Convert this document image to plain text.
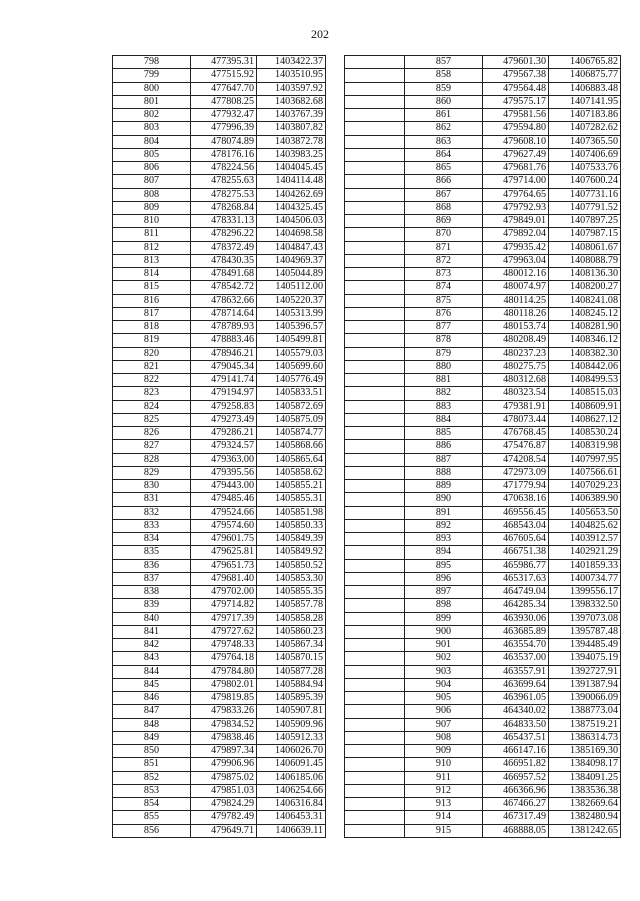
202
798	477395.31	1403422.37
799	477515.92	1403510.95
800	477647.70	1403597.92
801	477808.25	1403682.68
802	477932.47	1403767.39
803	477996.39	1403807.82
804	478074.89	1403872.78
805	478176.16	1403983.25
806	478224.56	1404045.45
807	478255.63	1404114.48
808	478275.53	1404262.69
809	478268.84	1404325.45
810	478331.13	1404506.03
811	478296.22	1404698.58
812	478372.49	1404847.43
813	478430.35	1404969.37
814	478491.68	1405044.89
815	478542.72	1405112.00
816	478632.66	1405220.37
817	478714.64	1405313.99
818	478789.93	1405396.57
819	478883.46	1405499.81
820	478946.21	1405579.03
821	479045.34	1405699.60
822	479141.74	1405776.49
823	479194.97	1405833.51
824	479258.83	1405872.69
825	479273.49	1405875.09
826	479286.21	1405874.77
827	479324.57	1405868.66
828	479363.00	1405865.64
829	479395.56	1405858.62
830	479443.00	1405855.21
831	479485.46	1405855.31
832	479524.66	1405851.98
833	479574.60	1405850.33
834	479601.75	1405849.39
835	479625.81	1405849.92
836	479651.73	1405850.52
837	479681.40	1405853.30
838	479702.00	1405855.35
839	479714.82	1405857.78
840	479717.39	1405858.28
841	479727.62	1405860.23
842	479748.33	1405867.34
843	479764.18	1405870.15
844	479784.80	1405877.28
845	479802.01	1405884.94
846	479819.85	1405895.39
847	479833.26	1405907.81
848	479834.52	1405909.96
849	479838.46	1405912.33
850	479897.34	1406026.70
851	479906.96	1406091.45
852	479875.02	1406185.06
853	479851.03	1406254.66
854	479824.29	1406316.84
855	479782.49	1406453.31
856	479649.71	1406639.11
	857	479601.30	1406765.82
	858	479567.38	1406875.77
	859	479564.48	1406883.48
	860	479575.17	1407141.95
	861	479581.56	1407183.86
	862	479594.80	1407282.62
	863	479608.10	1407365.50
	864	479627.49	1407406.69
	865	479681.76	1407533.76
	866	479714.00	1407600.24
	867	479764.65	1407731.16
	868	479792.93	1407791.52
	869	479849.01	1407897.25
	870	479892.04	1407987.15
	871	479935.42	1408061.67
	872	479963.04	1408088.79
	873	480012.16	1408136.30
	874	480074.97	1408200.27
	875	480114.25	1408241.08
	876	480118.26	1408245.12
	877	480153.74	1408281.90
	878	480208.49	1408346.12
	879	480237.23	1408382.30
	880	480275.75	1408442.06
	881	480312.68	1408499.53
	882	480323.54	1408515.03
	883	479381.91	1408609.91
	884	478073.44	1408627.12
	885	476768.45	1408530.24
	886	475476.87	1408319.98
	887	474208.54	1407997.95
	888	472973.09	1407566.61
	889	471779.94	1407029.23
	890	470638.16	1406389.90
	891	469556.45	1405653.50
	892	468543.04	1404825.62
	893	467605.64	1403912.57
	894	466751.38	1402921.29
	895	465986.77	1401859.33
	896	465317.63	1400734.77
	897	464749.04	1399556.17
	898	464285.34	1398332.50
	899	463930.06	1397073.08
	900	463685.89	1395787.48
	901	463554.70	1394485.49
	902	463537.00	1394075.19
	903	463557.91	1392727.91
	904	463699.64	1391387.94
	905	463961.05	1390066.09
	906	464340.02	1388773.04
	907	464833.50	1387519.21
	908	465437.51	1386314.73
	909	466147.16	1385169.30
	910	466951.82	1384098.17
	911	466957.52	1384091.25
	912	466366.96	1383536.38
	913	467466.27	1382669.64
	914	467317.49	1382480.94
	915	468888.05	1381242.65
